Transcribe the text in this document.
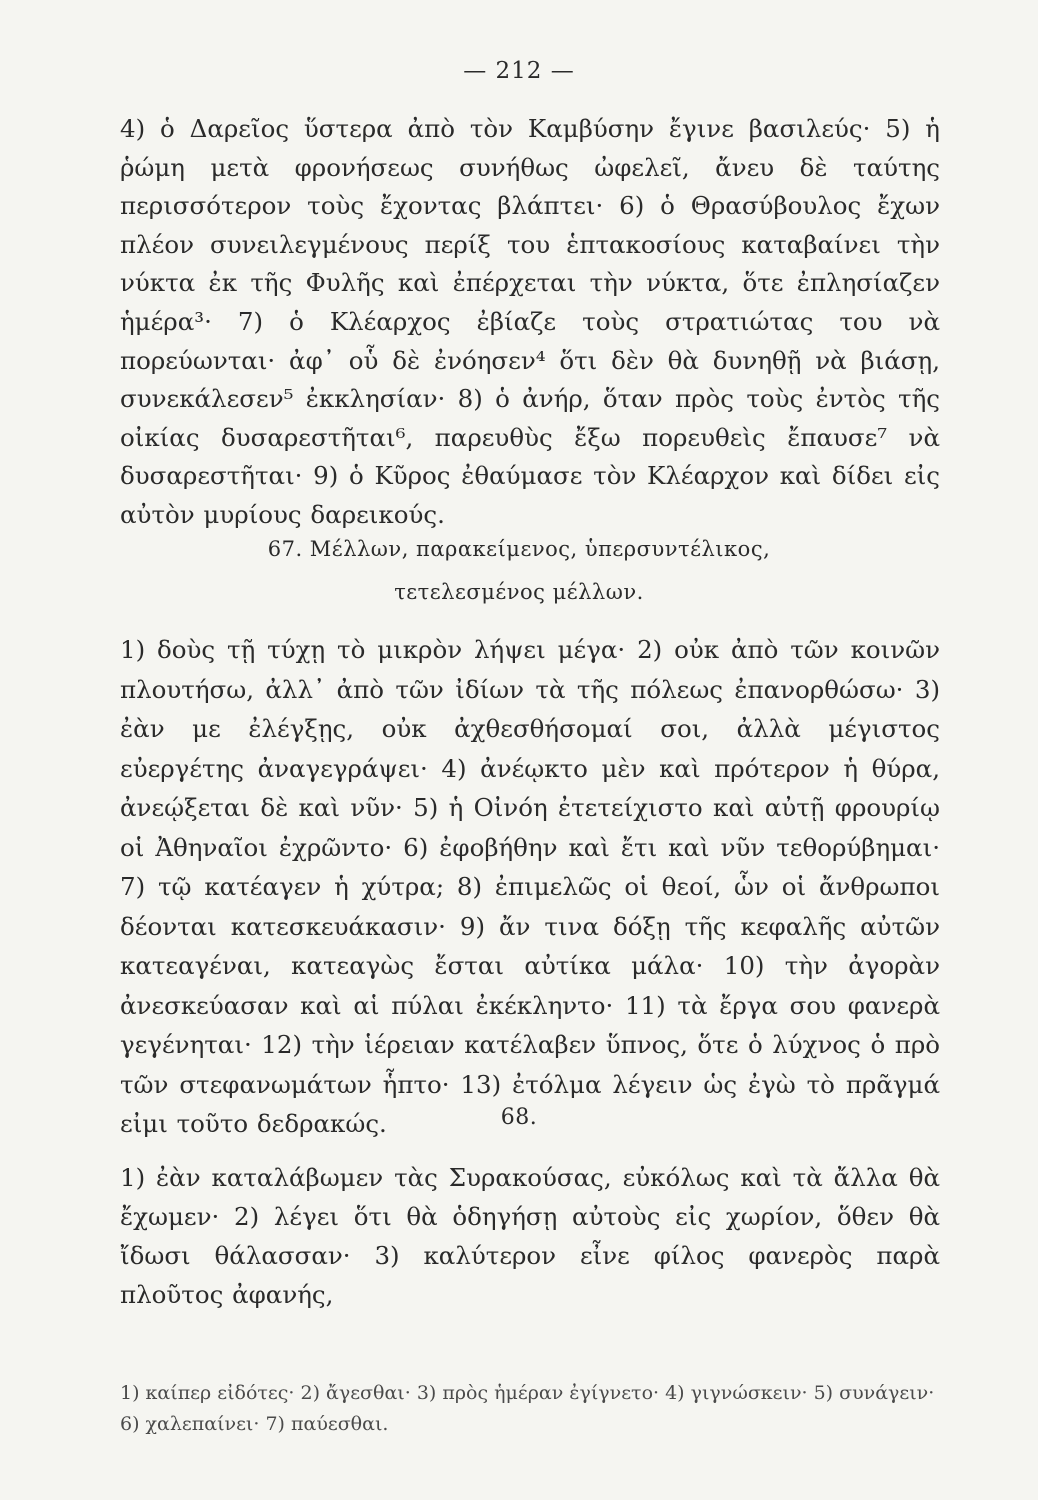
— 212 —
4) ὁ Δαρεῖος ὕστερα ἀπὸ τὸν Καμβύσην ἔγινε βασιλεύς· 5) ἡ ῥώμη μετὰ φρονήσεως συνήθως ὠφελεῖ, ἄνευ δὲ ταύτης περισσότερον τοὺς ἔχοντας βλάπτει· 6) ὁ Θρασύβουλος ἔχων πλέον συνειλεγμένους περίξ του ἑπτακοσίους καταβαίνει τὴν νύκτα ἐκ τῆς Φυλῆς καὶ ἐπέρχεται τὴν νύκτα, ὅτε ἐπλησίαζεν ἡμέρα³· 7) ὁ Κλέαρχος ἐβίαζε τοὺς στρατιώτας του νὰ πορεύωνται· ἀφ᾽ οὗ δὲ ἐνόησεν⁴ ὅτι δὲν θὰ δυνηθῇ νὰ βιάσῃ, συνεκάλεσεν⁵ ἐκκλησίαν· 8) ὁ ἀνήρ, ὅταν πρὸς τοὺς ἐντὸς τῆς οἰκίας δυσαρεστῆται⁶, παρευθὺς ἔξω πορευθεὶς ἔπαυσε⁷ νὰ δυσαρεστῆται· 9) ὁ Κῦρος ἐθαύμασε τὸν Κλέαρχον καὶ δίδει εἰς αὐτὸν μυρίους δαρεικούς.
67. Μέλλων, παρακείμενος, ὑπερσυντέλικος,
τετελεσμένος μέλλων.
1) δοὺς τῇ τύχῃ τὸ μικρὸν λήψει μέγα· 2) οὐκ ἀπὸ τῶν κοινῶν πλουτήσω, ἀλλ᾽ ἀπὸ τῶν ἰδίων τὰ τῆς πόλεως ἐπανορθώσω· 3) ἐὰν με ἐλέγξῃς, οὐκ ἀχθεσθήσομαί σοι, ἀλλὰ μέγιστος εὐεργέτης ἀναγεγράψει· 4) ἀνέῳκτο μὲν καὶ πρότερον ἡ θύρα, ἀνεῴξεται δὲ καὶ νῦν· 5) ἡ Οἰνόη ἐτετείχιστο καὶ αὐτῇ φρουρίῳ οἱ Ἀθηναῖοι ἐχρῶντο· 6) ἐφοβήθην καὶ ἔτι καὶ νῦν τεθορύβημαι· 7) τῷ κατέαγεν ἡ χύτρα; 8) ἐπιμελῶς οἱ θεοί, ὧν οἱ ἄνθρωποι δέονται κατεσκευάκασιν· 9) ἄν τινα δόξῃ τῆς κεφαλῆς αὐτῶν κατεαγέναι, κατεαγὼς ἔσται αὐτίκα μάλα· 10) τὴν ἀγορὰν ἀνεσκεύασαν καὶ αἱ πύλαι ἐκέκληντο· 11) τὰ ἔργα σου φανερὰ γεγένηται· 12) τὴν ἱέρειαν κατέλαβεν ὕπνος, ὅτε ὁ λύχνος ὁ πρὸ τῶν στεφανωμάτων ἧπτο· 13) ἐτόλμα λέγειν ὡς ἐγὼ τὸ πρᾶγμά εἰμι τοῦτο δεδρακώς.	68.
1) ἐὰν καταλάβωμεν τὰς Συρακούσας, εὐκόλως καὶ τὰ ἄλλα θὰ ἔχωμεν· 2) λέγει ὅτι θὰ ὁδηγήσῃ αὐτοὺς εἰς χωρίον, ὅθεν θὰ ἴδωσι θάλασσαν· 3) καλύτερον εἶνε φίλος φανερὸς παρὰ πλοῦτος ἀφανής,
1) καίπερ εἰδότες· 2) ἄγεσθαι· 3) πρὸς ἡμέραν ἐγίγνετο· 4) γιγνώσκειν· 5) συνάγειν· 6) χαλεπαίνει· 7) παύεσθαι.
